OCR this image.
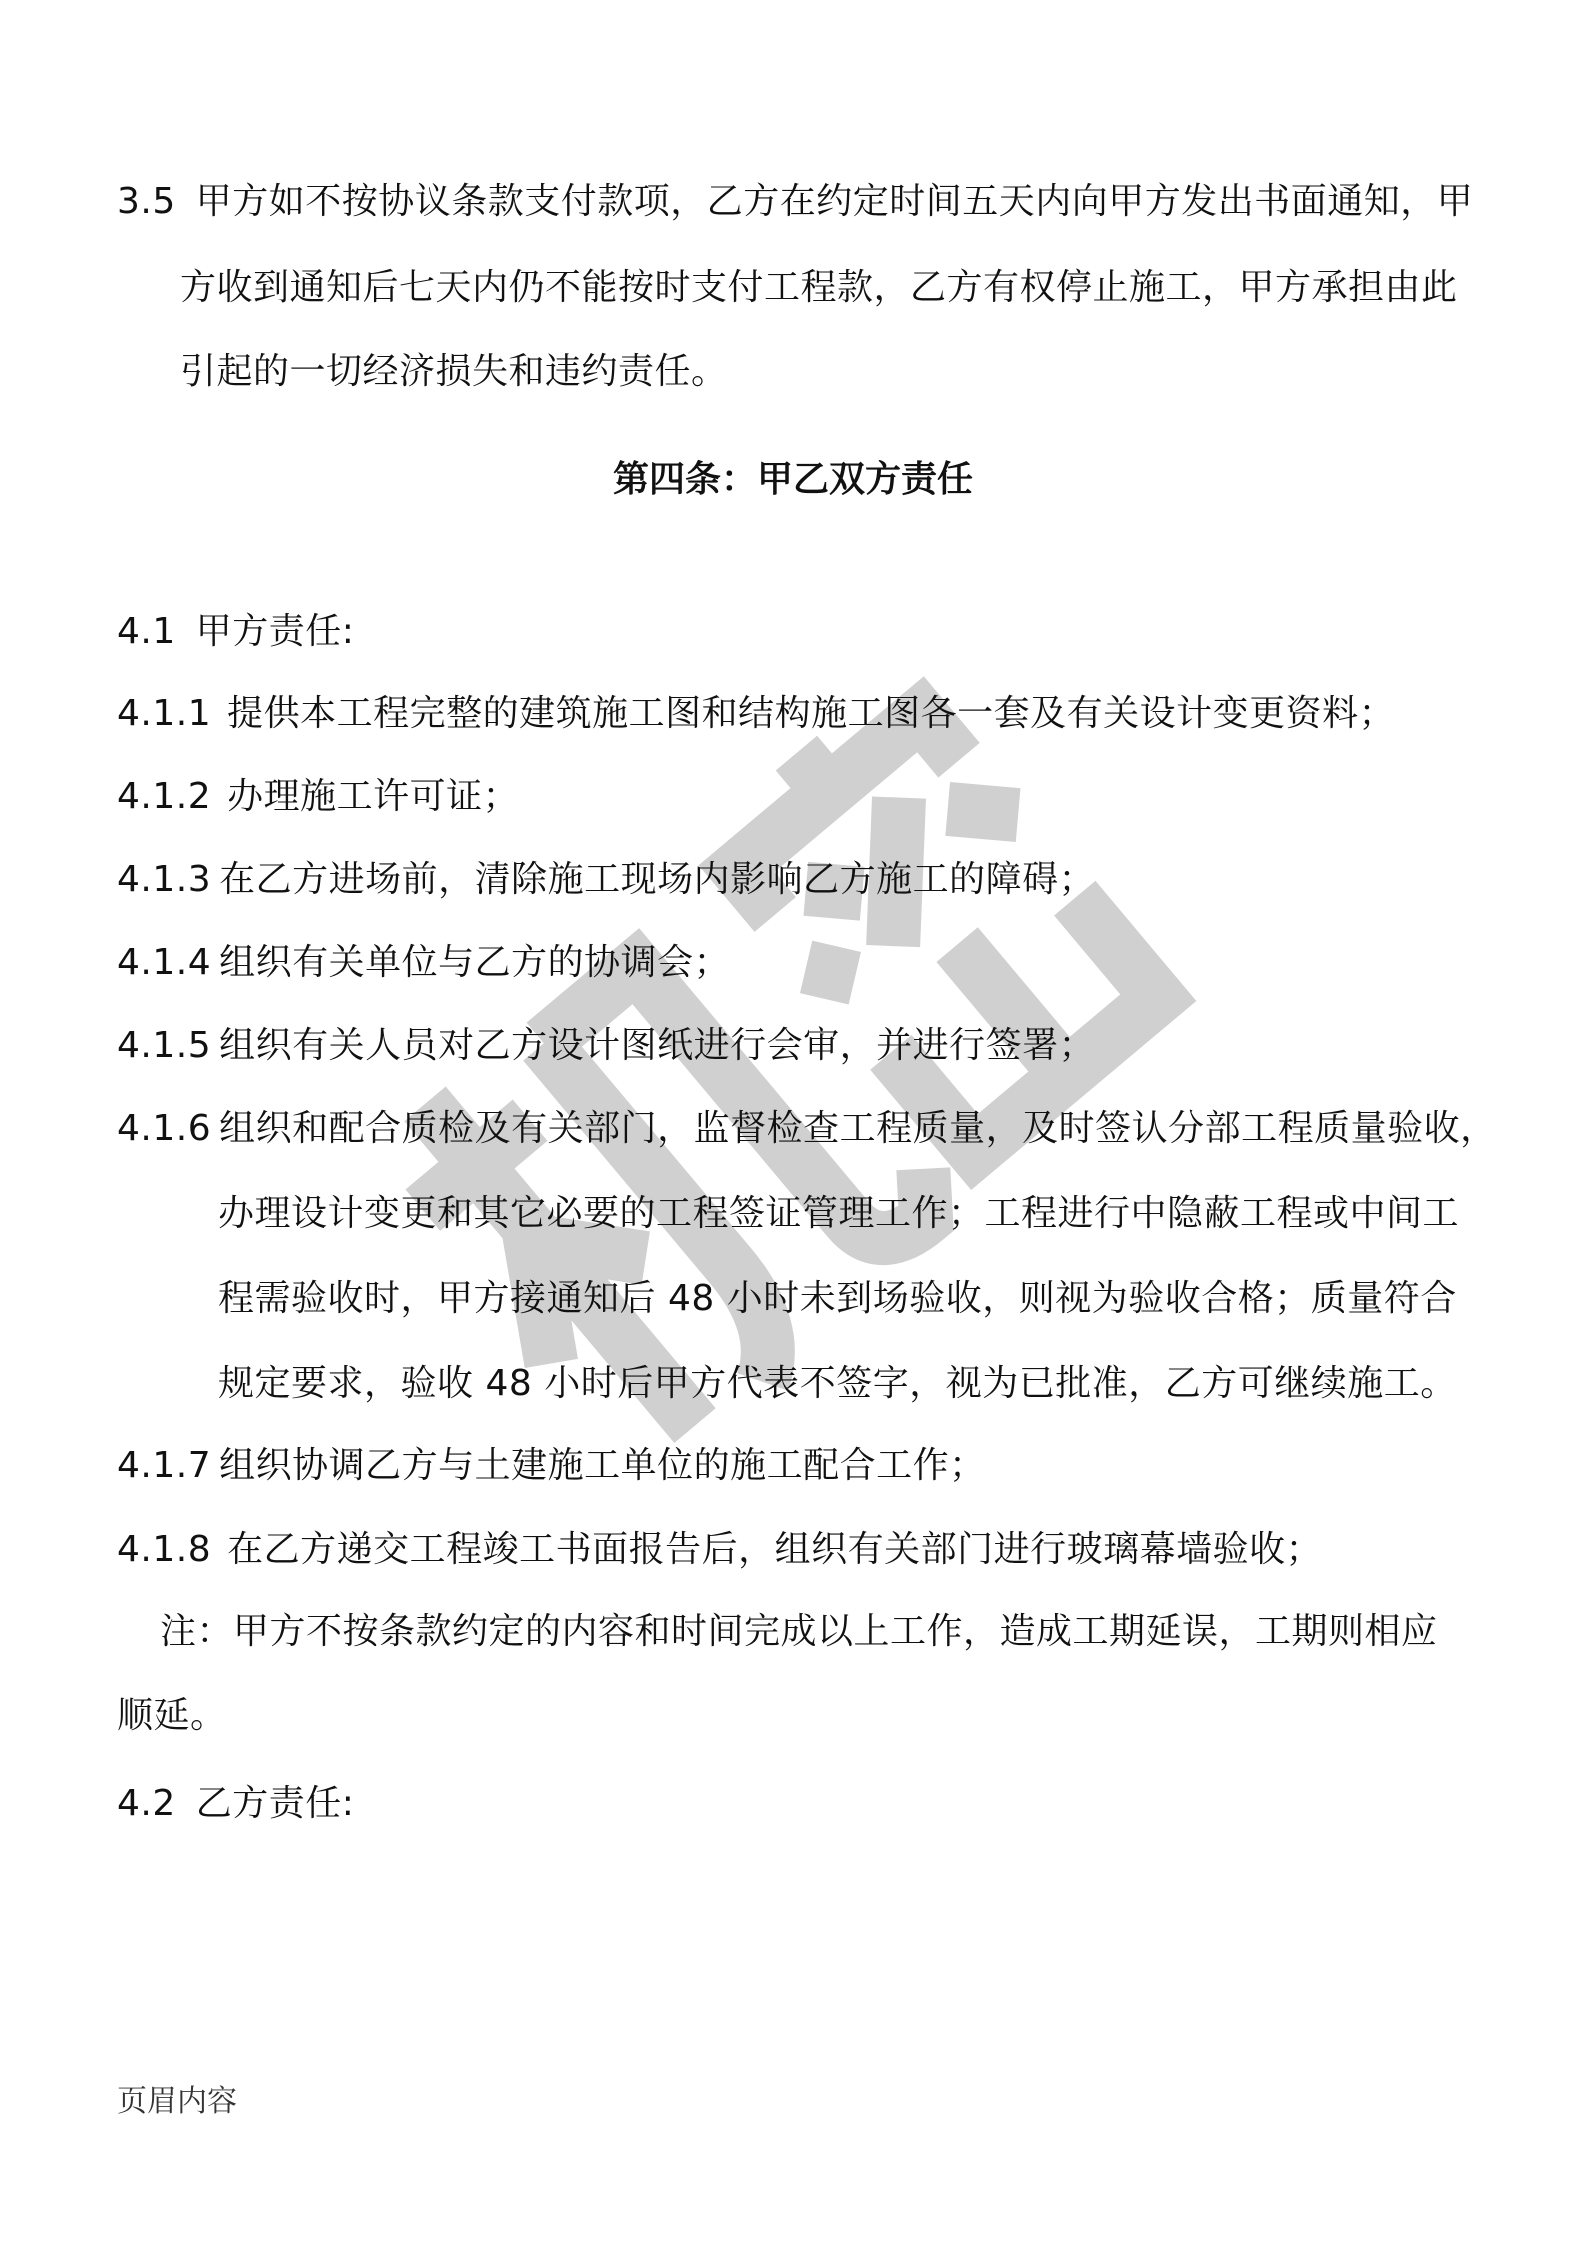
3.5 甲方如不按协议条款支付款项，乙方在约定时间五天内向甲方发出书面通知，甲
方收到通知后七天内仍不能按时支付工程款，乙方有权停止施工，甲方承担由此
引起的一切经济损失和违约责任。
第四条：甲乙双方责任
4.1 甲方责任:
4.1.1 提供本工程完整的建筑施工图和结构施工图各一套及有关设计变更资料；
4.1.2 办理施工许可证；
4.1.3 在乙方进场前，清除施工现场内影响乙方施工的障碍；
4.1.4 组织有关单位与乙方的协调会；
4.1.5 组织有关人员对乙方设计图纸进行会审，并进行签署；
4.1.6 组织和配合质检及有关部门，监督检查工程质量，及时签认分部工程质量验收，
办理设计变更和其它必要的工程签证管理工作；工程进行中隐蔽工程或中间工
程需验收时，甲方接通知后 48 小时未到场验收，则视为验收合格；质量符合
规定要求，验收 48 小时后甲方代表不签字，视为已批准，乙方可继续施工。
4.1.7 组织协调乙方与土建施工单位的施工配合工作；
4.1.8 在乙方递交工程竣工书面报告后，组织有关部门进行玻璃幕墙验收；
注：甲方不按条款约定的内容和时间完成以上工作，造成工期延误，工期则相应
顺延。
4.2 乙方责任:
页眉内容
